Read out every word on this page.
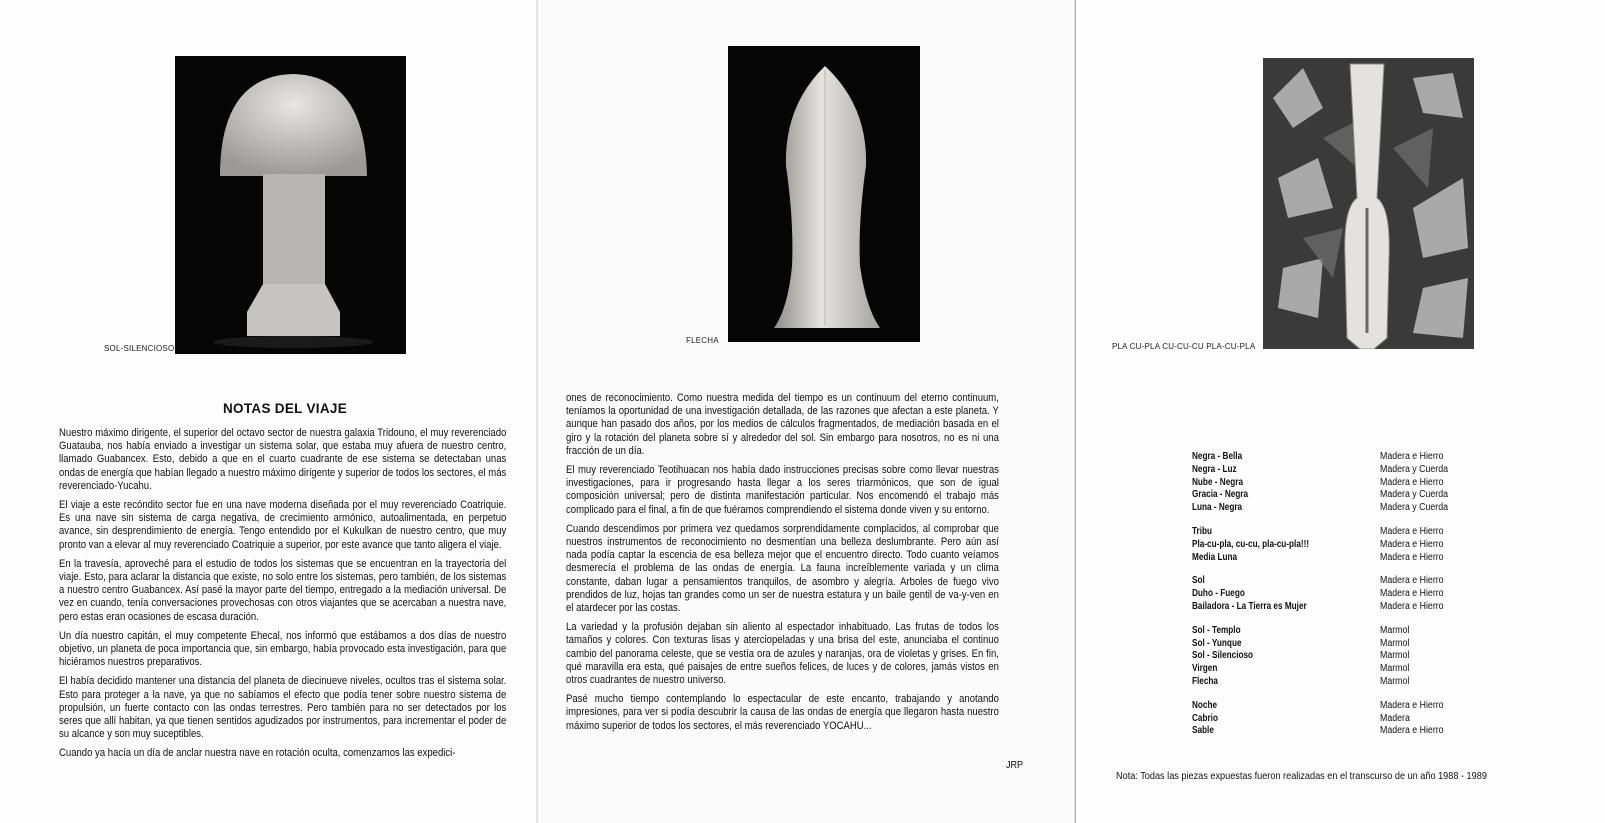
SOL-SILENCIOSO
NOTAS DEL VIAJE

Nuestro máximo dirigente, el superior del octavo sector de nuestra galaxia Tridouno, el muy reverenciado Guatauba, nos había enviado a investigar un sistema solar, que estaba muy afuera de nuestro centro, llamado Guabancex. Esto, debido a que en el cuarto cuadrante de ese sistema se detectaban unas ondas de energía que habían llegado a nuestro máximo dirigente y superior de todos los sectores, el más reverenciado-Yucahu.

El viaje a este recóndito sector fue en una nave moderna diseñada por el muy reverenciado Coatriquie. Es una nave sin sistema de carga negativa, de crecimiento armónico, autoalimentada, en perpetuo avance, sin desprendimiento de energía. Tengo entendido por el Kukulkan de nuestro centro, que muy pronto van a elevar al muy reverenciado Coatriquie a superior, por este avance que tanto aligera el viaje.

En la travesía, aproveché para el estudio de todos los sistemas que se encuentran en la trayectoria del viaje. Esto, para aclarar la distancia que existe, no solo entre los sistemas, pero también, de los sistemas a nuestro centro Guabancex. Así pasé la mayor parte del tiempo, entregado a la mediación universal. De vez en cuando, tenía conversaciones provechosas con otros viajantes que se acercaban a nuestra nave, pero estas eran ocasiones de escasa duración.

Un día nuestro capitán, el muy competente Ehecal, nos informó que estábamos a dos días de nuestro objetivo, un planeta de poca importancia que, sin embargo, había provocado esta investigación, para que hiciéramos nuestros preparativos.

El había decidido mantener una distancia del planeta de diecinueve niveles, ocultos tras el sistema solar. Esto para proteger a la nave, ya que no sabíamos el efecto que podía tener sobre nuestro sistema de propulsión, un fuerte contacto con las ondas terrestres. Pero también para no ser detectados por los seres que allí habitan, ya que tienen sentidos agudizados por instrumentos, para incrementar el poder de su alcance y son muy suceptibles.

Cuando ya hacía un día de anclar nuestra nave en rotación oculta, comenzamos las expedici-

FLECHA

ones de reconocimiento. Como nuestra medida del tiempo es un continuum del eterno continuum, teníamos la oportunidad de una investigación detallada, de las razones que afectan a este planeta. Y aunque han pasado dos años, por los medios de cálculos fragmentados, de mediación basada en el giro y la rotación del planeta sobre sí y alrededor del sol. Sin embargo para nosotros, no es ni una fracción de un día.

El muy reverenciado Teotihuacan nos había dado instrucciones precisas sobre como llevar nuestras investigaciones, para ir progresando hasta llegar a los seres triarmónicos, que son de igual composición universal; pero de distinta manifestación particular. Nos encomendó el trabajo más complicado para el final, a fin de que fuéramos comprendiendo el sistema donde viven y su entorno.

Cuando descendimos por primera vez quedamos sorprendidamente complacidos, al comprobar que nuestros instrumentos de reconocimiento no desmentían una belleza deslumbrante. Pero aún así nada podía captar la escencia de esa belleza mejor que el encuentro directo. Todo cuanto veíamos desmerecía el problema de las ondas de energía. La fauna increíblemente variada y un clima constante, daban lugar a pensamientos tranquilos, de asombro y alegría. Arboles de fuego vivo prendidos de luz, hojas tan grandes como un ser de nuestra estatura y un baile gentil de va-y-ven en el atardecer por las costas.

La variedad y la profusión dejaban sin aliento al espectador inhabituado. Las frutas de todos los tamaños y colores. Con texturas lisas y aterciopeladas y una brisa del este, anunciaba el continuo cambio del panorama celeste, que se vestía ora de azules y naranjas, ora de violetas y grises. En fin, qué maravilla era esta, qué paisajes de entre sueños felices, de luces y de colores, jamás vistos en otros cuadrantes de nuestro universo.

Pasé mucho tiempo contemplando lo espectacular de este encanto, trabajando y anotando impresiones, para ver si podía descubrir la causa de las ondas de energía que llegaron hasta nuestro máximo superior de todos los sectores, el más reverenciado YOCAHU...

JRP
PLA CU-PLA CU-CU-CU PLA-CU-PLA
Negra - Bella	Madera e Hierro
Negra - Luz	Madera y Cuerda
Nube - Negra	Madera e Hierro
Gracia - Negra	Madera y Cuerda
Luna - Negra	Madera y Cuerda
Tribu	Madera e Hierro
Pla-cu-pla, cu-cu, pla-cu-pla!!!	Madera e Hierro
Media Luna	Madera e Hierro
Sol	Madera e Hierro
Duho - Fuego	Madera e Hierro
Bailadora - La Tierra es Mujer	Madera e Hierro
Sol - Templo	Marmol
Sol - Yunque	Marmol
Sol - Silencioso	Marmol
Virgen	Marmol
Flecha	Marmol
Noche	Madera e Hierro
Cabrio	Madera
Sable	Madera e Hierro
Nota: Todas las piezas expuestas fueron realizadas en el transcurso de un año 1988 - 1989
